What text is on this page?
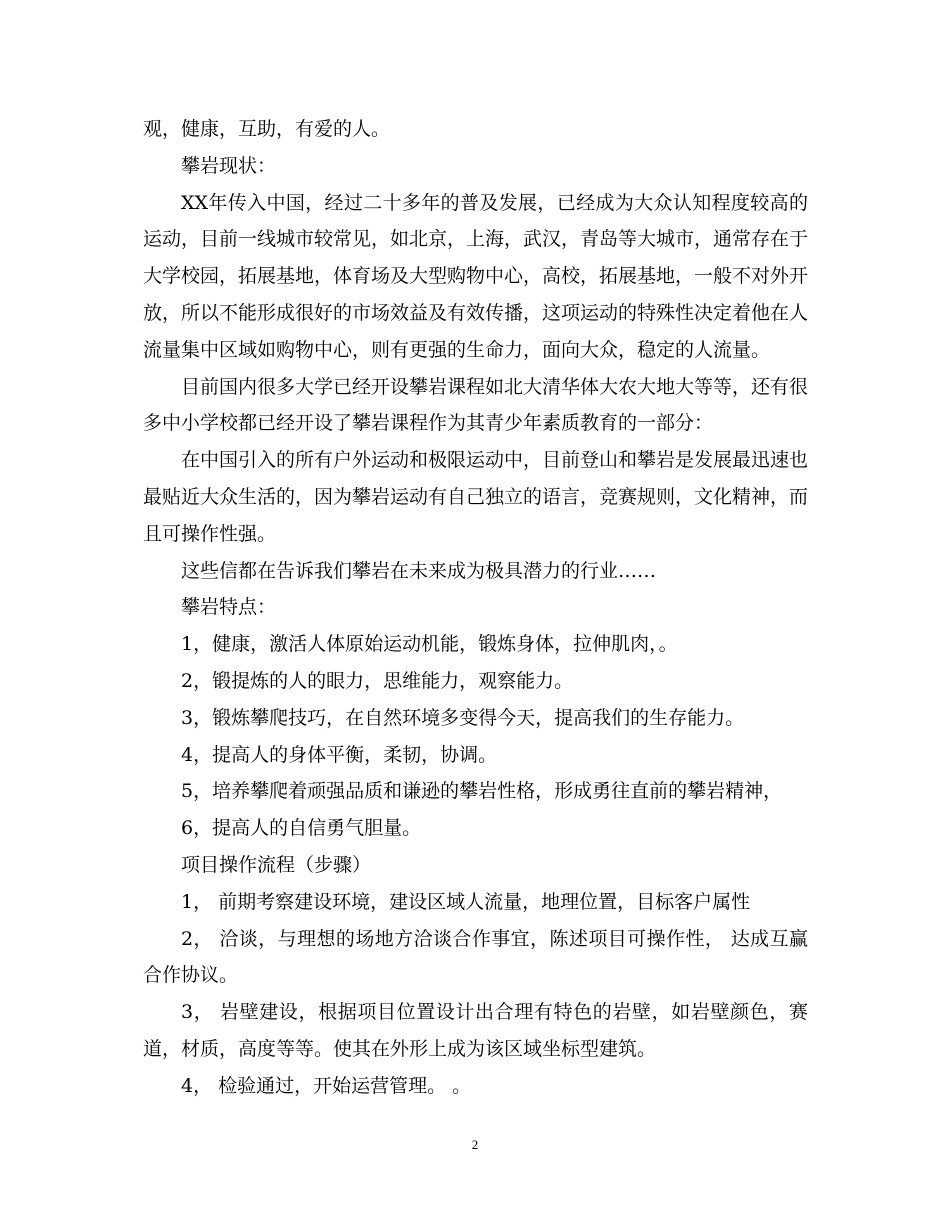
观，健康，互助，有爱的人。

攀岩现状：

XX年传入中国，经过二十多年的普及发展，已经成为大众认知程度较高的运动，目前一线城市较常见，如北京，上海，武汉，青岛等大城市，通常存在于大学校园，拓展基地，体育场及大型购物中心，高校，拓展基地，一般不对外开放，所以不能形成很好的市场效益及有效传播，这项运动的特殊性决定着他在人流量集中区域如购物中心，则有更强的生命力，面向大众，稳定的人流量。

目前国内很多大学已经开设攀岩课程如北大清华体大农大地大等等，还有很多中小学校都已经开设了攀岩课程作为其青少年素质教育的一部分：

在中国引入的所有户外运动和极限运动中，目前登山和攀岩是发展最迅速也最贴近大众生活的，因为攀岩运动有自己独立的语言，竞赛规则，文化精神，而且可操作性强。

这些信都在告诉我们攀岩在未来成为极具潜力的行业……

攀岩特点：

1，健康，激活人体原始运动机能，锻炼身体，拉伸肌肉，。

2，锻提炼的人的眼力，思维能力，观察能力。

3，锻炼攀爬技巧，在自然环境多变得今天，提高我们的生存能力。

4，提高人的身体平衡，柔韧，协调。

5，培养攀爬着顽强品质和谦逊的攀岩性格，形成勇往直前的攀岩精神，

6，提高人的自信勇气胆量。

项目操作流程（步骤）

1， 前期考察建设环境，建设区域人流量，地理位置，目标客户属性

2， 洽谈，与理想的场地方洽谈合作事宜，陈述项目可操作性， 达成互赢合作协议。

3， 岩壁建设，根据项目位置设计出合理有特色的岩壁，如岩壁颜色，赛道，材质，高度等等。使其在外形上成为该区域坐标型建筑。

4， 检验通过，开始运营管理。 。

2
